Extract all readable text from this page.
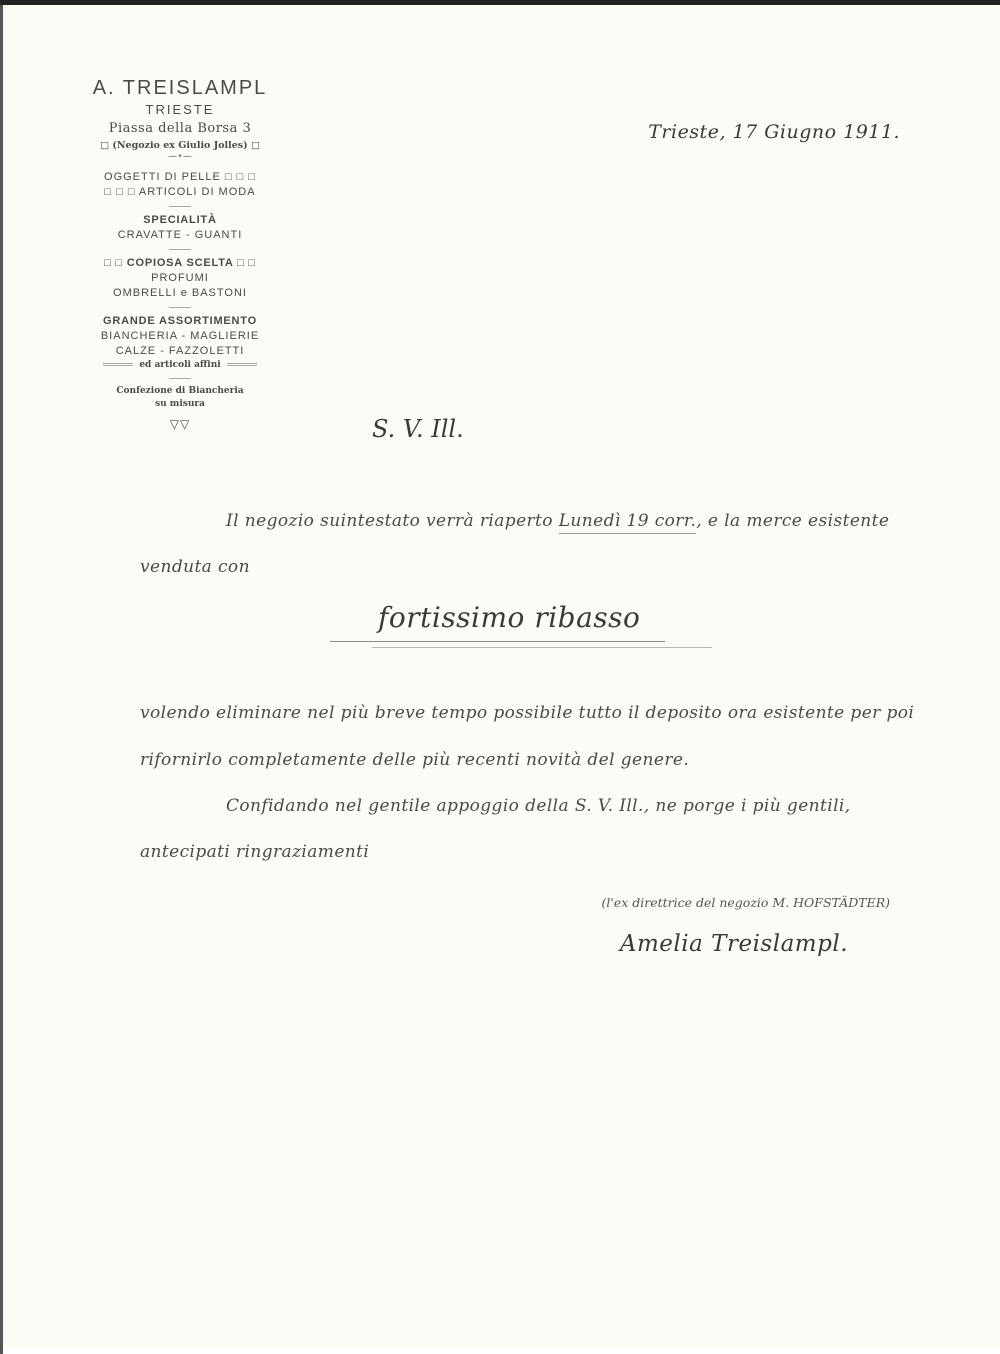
A. TREISLAMPL
TRIESTE
Piassa della Borsa 3
□ (Negozio ex Giulio Jolles) □
—•—
OGGETTI DI PELLE □ □ □
□ □ □ ARTICOLI DI MODA
SPECIALITÀ
CRAVATTE - GUANTI
□ □ COPIOSA SCELTA □ □
PROFUMI
OMBRELLI e BASTONI
GRANDE ASSORTIMENTO
BIANCHERIA - MAGLIERIE
CALZE - FAZZOLETTI
ed articoli affini
Confezione di Biancheria
su misura
▽▽
Trieste, 17 Giugno 1911.
S. V. Ill.
Il negozio suintestato verrà riaperto Lunedì 19 corr., e la merce esistente
venduta con
fortissimo ribasso
volendo eliminare nel più breve tempo possibile tutto il deposito ora esistente per poi
rifornirlo completamente delle più recenti novità del genere.
Confidando nel gentile appoggio della S. V. Ill., ne porge i più gentili,
antecipati ringraziamenti
(l'ex direttrice del negozio M. HOFSTÄDTER)
Amelia Treislampl.
